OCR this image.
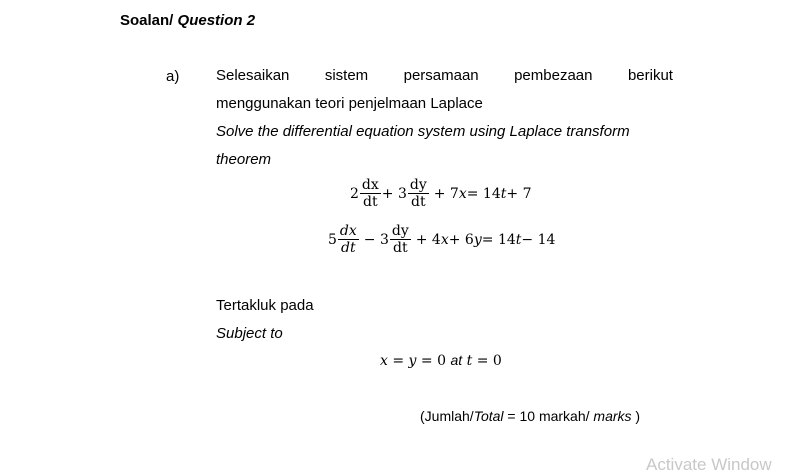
Soalan/ Question 2
a) Selesaikan sistem persamaan pembezaan berikut
menggunakan teori penjelmaan Laplace
Solve the differential equation system using Laplace transform
theorem
$2 \frac{dx}{dt} + 3 \frac{dy}{dt} + 7$ x = 14 t + 7
$5 \frac{dx}{dt} - 3 \frac{dy}{dt} + 4$ x + 6 y = 14 t − 14
Tertakluk pada
Subject to
x = y = 0 at t = 0
(Jumlah/Total = 10 markah/ marks )
Activate Window
